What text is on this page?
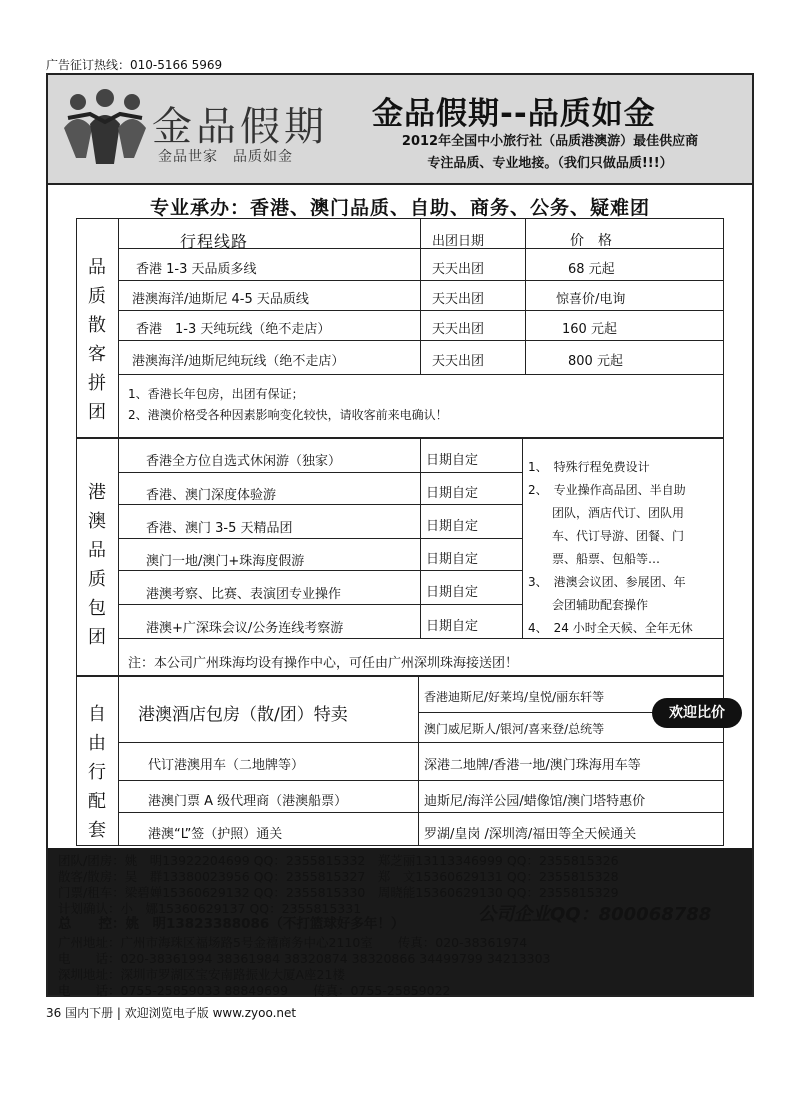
广告征订热线：010-5166 5969
金品假期
金品世家　品质如金
金品假期--品质如金
2012年全国中小旅行社（品质港澳游）最佳供应商
专注品质、专业地接。（我们只做品质!!!）
专业承办：香港、澳门品质、自助、商务、公务、疑难团
品
质
散
客
拼
团
行程线路	出团日期	价　格
香港 1-3 天品质多线	天天出团	68 元起
港澳海洋/迪斯尼 4-5 天品质线	天天出团	惊喜价/电询
香港　1-3 天纯玩线（绝不走店）	天天出团	160 元起
港澳海洋/迪斯尼纯玩线（绝不走店）	天天出团	800 元起
1、香港长年包房，出团有保证；
2、港澳价格受各种因素影响变化较快，请收客前来电确认！
港
澳
品
质
包
团
香港全方位自选式休闲游（独家）	日期自定
香港、澳门深度体验游	日期自定
香港、澳门 3-5 天精品团	日期自定
澳门一地/澳门+珠海度假游	日期自定
港澳考察、比赛、表演团专业操作	日期自定
港澳+广深珠会议/公务连线考察游	日期自定
1、　特殊行程免费设计
2、　专业操作高品团、半自助
　　团队，酒店代订、团队用
　　车、代订导游、团餐、门
　　票、船票、包船等…
3、　港澳会议团、参展团、年
　　会团辅助配套操作
4、　24 小时全天候、全年无休
注：本公司广州珠海均设有操作中心，可任由广州深圳珠海接送团！
自
由
行
配
套
港澳酒店包房（散/团）特卖
香港迪斯尼/好莱坞/皇悦/丽东轩等
澳门威尼斯人/银河/喜来登/总统等
欢迎比价
代订港澳用车（二地牌等）	深港二地牌/香港一地/澳门珠海用车等
港澳门票 A 级代理商（港澳船票）	迪斯尼/海洋公园/蜡像馆/澳门塔特惠价
港澳“L”签（护照）通关	罗湖/皇岗 /深圳湾/福田等全天候通关
团队/团房：姚　明13922204699 QQ：2355815332　郑芝丽13113346999 QQ：2355815326
散客/散房：吴　群13380023956 QQ：2355815327　郑　文15360629131 QQ：2355815328
门票/租车：梁碧婵15360629132 QQ：2355815330　周晓能15360629130 QQ：2355815329
计划确认：小　娜15360629137 QQ：2355815331
总　　控：姚　明13823388086（不打篮球好多年！）	公司企业QQ：800068788
广州地址：广州市海珠区福场路5号金禧商务中心2110室　　传真：020-38361974
电　　话：020-38361994 38361984 38320874 38320866 34499799 34213303
深圳地址：深圳市罗湖区宝安南路振业大厦A座21楼
电　　话：0755-25859033 88849699　　传真：0755-25859022
36 国内下册 | 欢迎浏览电子版 www.zyoo.net
